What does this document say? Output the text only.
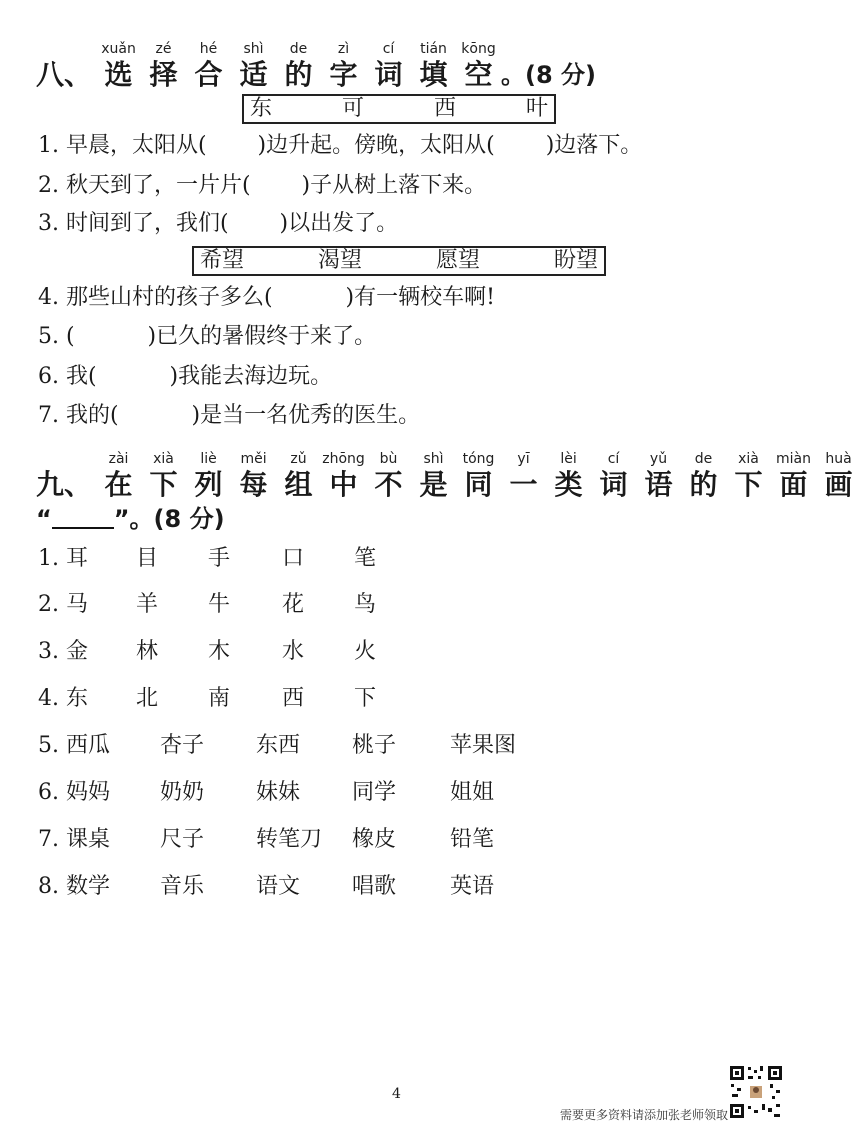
八、
xuǎn
选
zé
择
hé
合
shì
适
de
的
zì
字
cí
词
tián
填
kōng
空 。(8 分)
东	可	西	叶
1. 早晨，太阳从(　　 )边升起。傍晚，太阳从(　　 )边落下。
2. 秋天到了，一片片(　　 )子从树上落下来。
3. 时间到了，我们(　　 )以出发了。
希望	渴望	愿望	盼望
4. 那些山村的孩子多么(　　　 )有一辆校车啊!
5. (　　　 )已久的暑假终于来了。
6. 我(　　　 )我能去海边玩。
7. 我的(　　　 )是当一名优秀的医生。
九、
zài
在
xià
下
liè
列
měi
每
zǔ
组
zhōng
中
bù
不
shì
是
tóng
同
yī
一
lèi
类
cí
词
yǔ
语
de
的
xià
下
miàn
面
huà
画
“	”。(8 分)
1. 耳 目 手 口 笔
2. 马 羊 牛 花 鸟
3. 金 林 木 水 火
4. 东 北 南 西 下
5. 西瓜 杏子 东西 桃子 苹果图
6. 妈妈 奶奶 妹妹 同学 姐姐
7. 课桌 尺子 转笔刀 橡皮 铅笔
8. 数学 音乐 语文 唱歌 英语
4
需要更多资料请添加张老师领取
